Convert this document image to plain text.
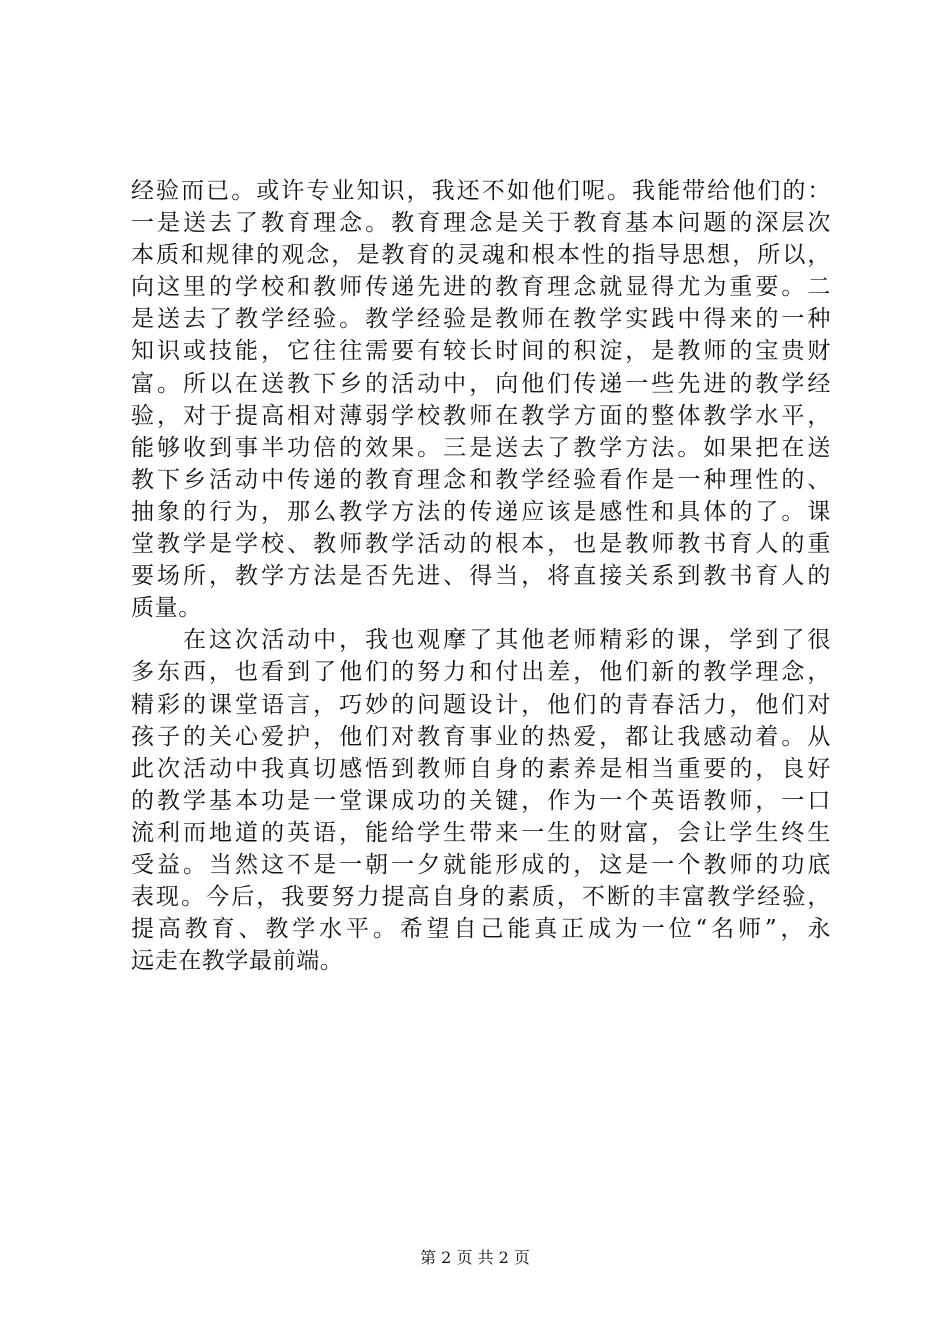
经验而已。或许专业知识，我还不如他们呢。我能带给他们的：
一是送去了教育理念。教育理念是关于教育基本问题的深层次
本质和规律的观念，是教育的灵魂和根本性的指导思想，所以，
向这里的学校和教师传递先进的教育理念就显得尤为重要。二
是送去了教学经验。教学经验是教师在教学实践中得来的一种
知识或技能，它往往需要有较长时间的积淀，是教师的宝贵财
富。所以在送教下乡的活动中，向他们传递一些先进的教学经
验，对于提高相对薄弱学校教师在教学方面的整体教学水平，
能够收到事半功倍的效果。三是送去了教学方法。如果把在送
教下乡活动中传递的教育理念和教学经验看作是一种理性的、
抽象的行为，那么教学方法的传递应该是感性和具体的了。课
堂教学是学校、教师教学活动的根本，也是教师教书育人的重
要场所，教学方法是否先进、得当，将直接关系到教书育人的
质量。
　　在这次活动中，我也观摩了其他老师精彩的课，学到了很
多东西，也看到了他们的努力和付出差，他们新的教学理念，
精彩的课堂语言，巧妙的问题设计，他们的青春活力，他们对
孩子的关心爱护，他们对教育事业的热爱，都让我感动着。从
此次活动中我真切感悟到教师自身的素养是相当重要的，良好
的教学基本功是一堂课成功的关键，作为一个英语教师，一口
流利而地道的英语，能给学生带来一生的财富，会让学生终生
受益。当然这不是一朝一夕就能形成的，这是一个教师的功底
表现。今后，我要努力提高自身的素质，不断的丰富教学经验，
提高教育、教学水平。希望自己能真正成为一位“名师”，永
远走在教学最前端。
第 2 页 共 2 页
